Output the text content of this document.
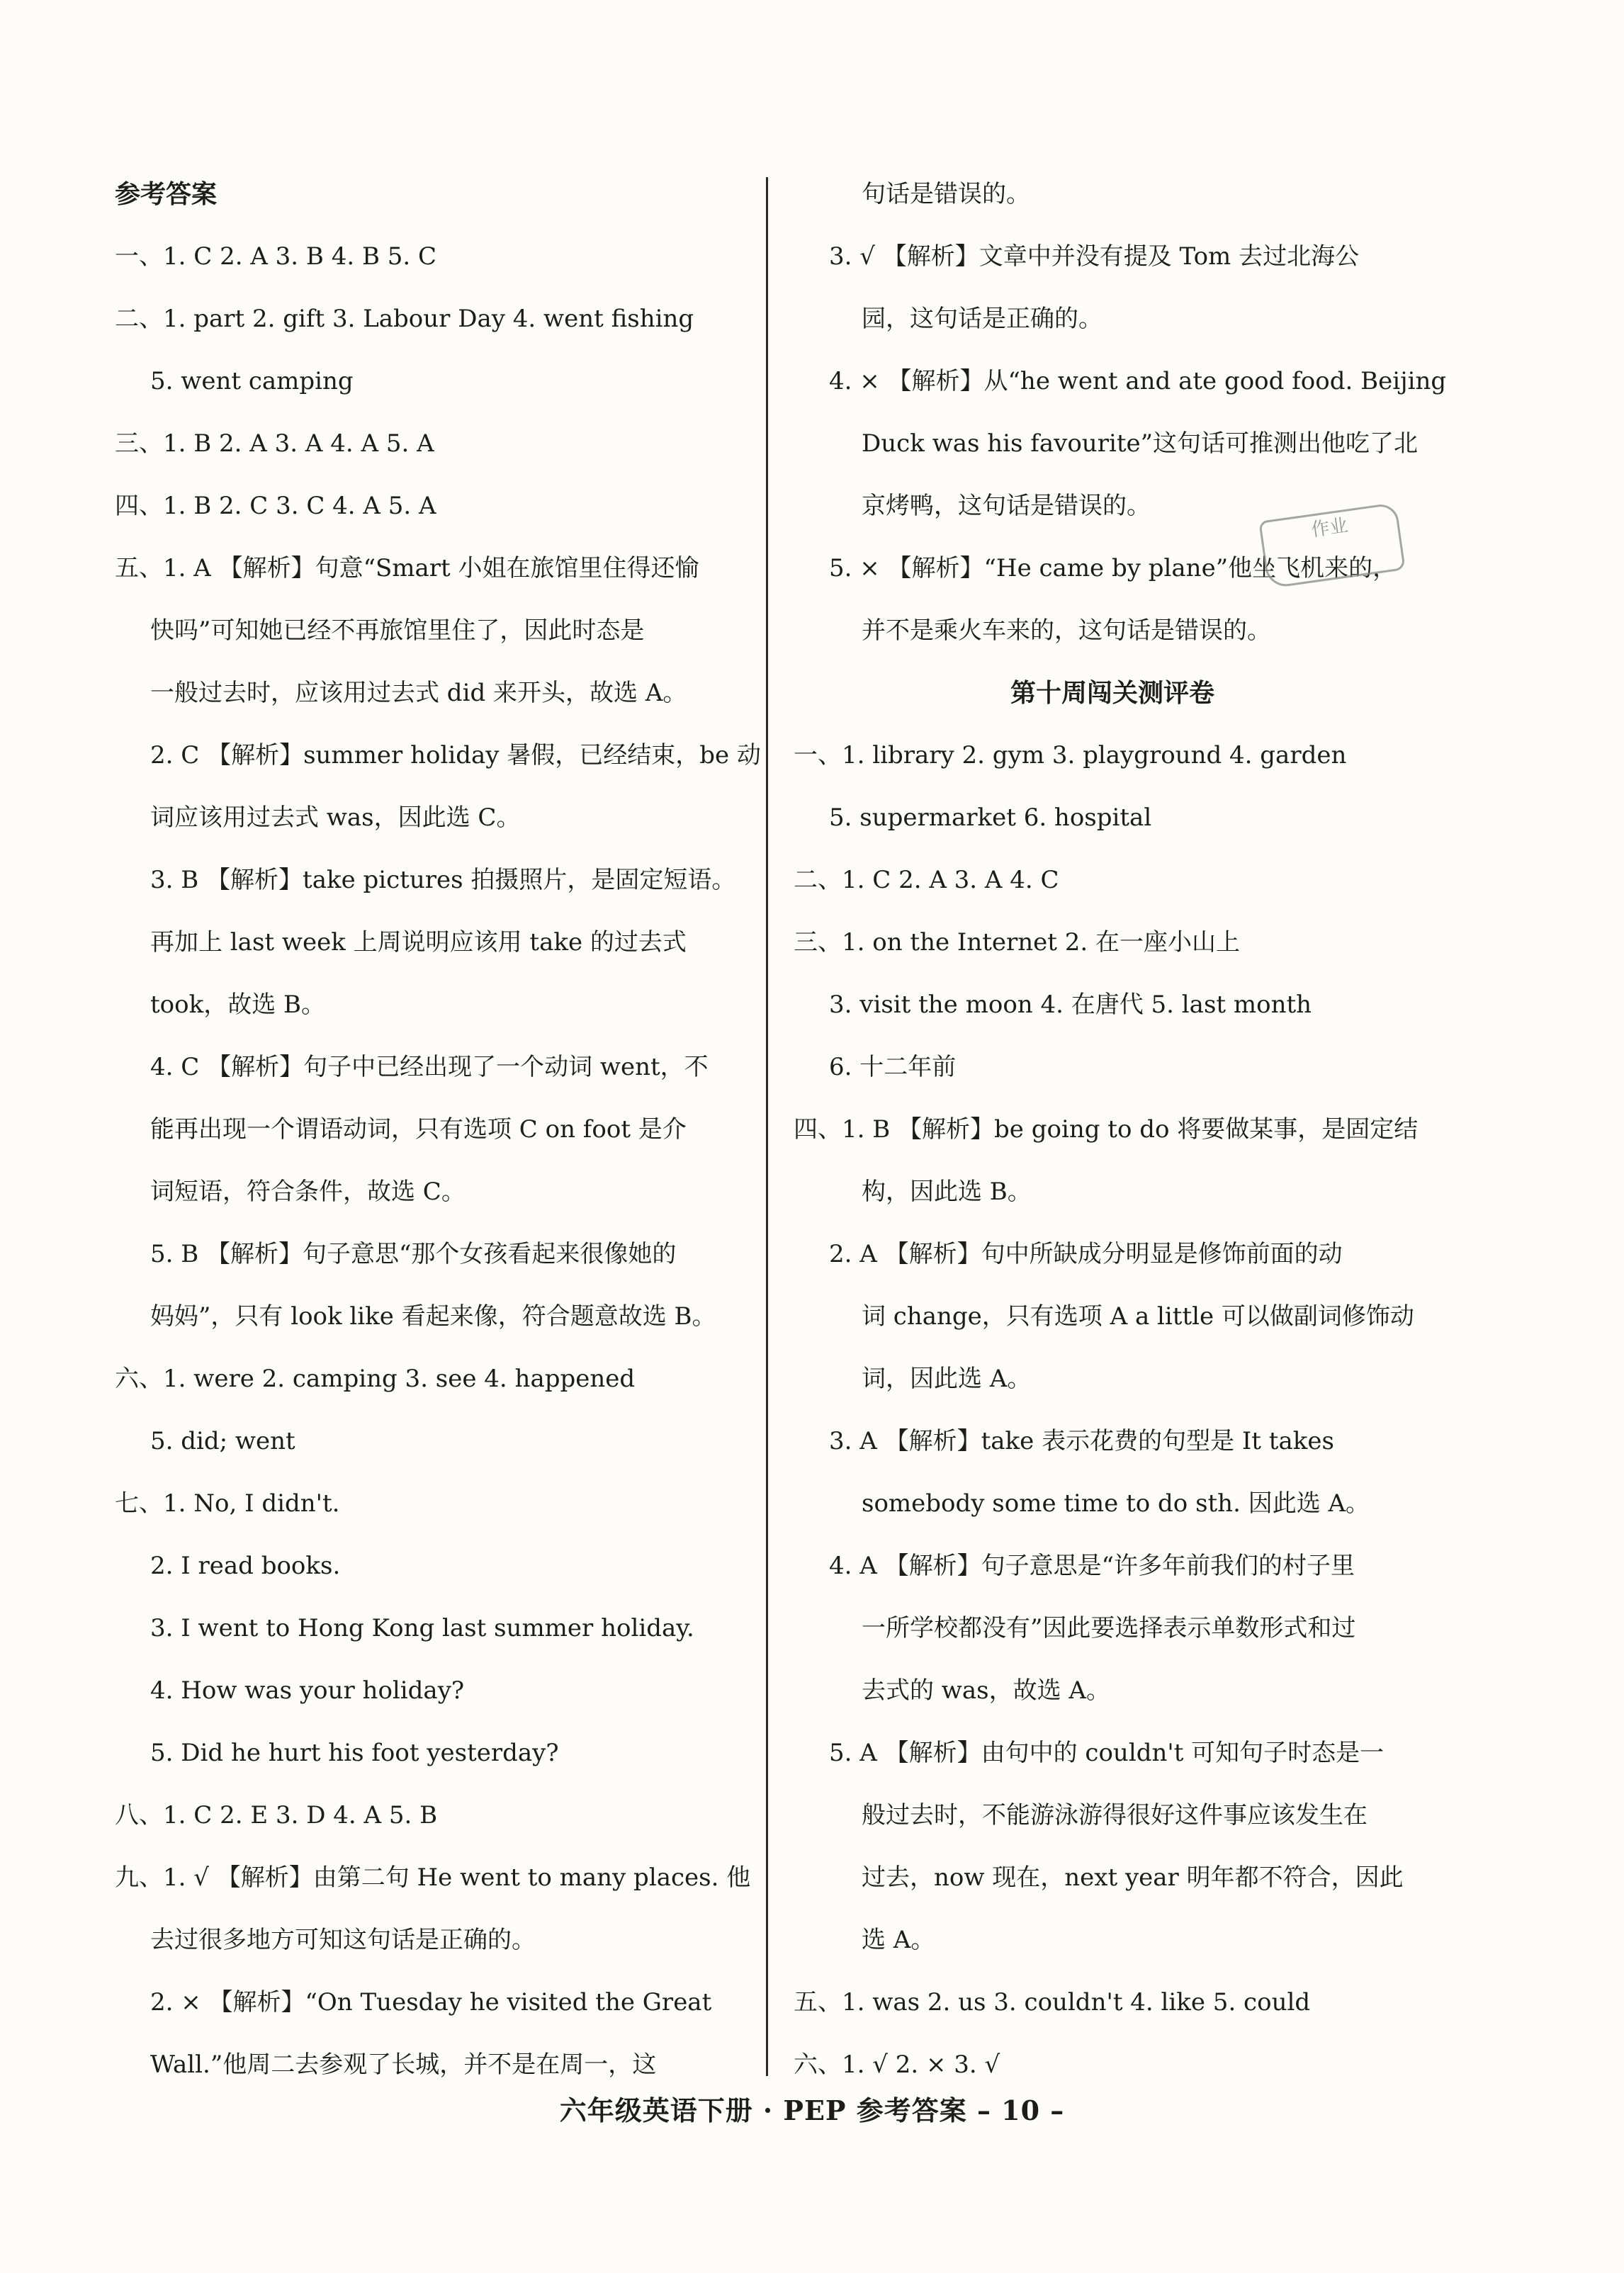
参考答案
一、1. C 2. A 3. B 4. B 5. C
二、1. part 2. gift 3. Labour Day 4. went fishing
5. went camping
三、1. B 2. A 3. A 4. A 5. A
四、1. B 2. C 3. C 4. A 5. A
五、1. A 【解析】句意“Smart 小姐在旅馆里住得还愉
快吗”可知她已经不再旅馆里住了，因此时态是
一般过去时，应该用过去式 did 来开头，故选 A。
2. C 【解析】summer holiday 暑假，已经结束，be 动
词应该用过去式 was，因此选 C。
3. B 【解析】take pictures 拍摄照片，是固定短语。
再加上 last week 上周说明应该用 take 的过去式
took，故选 B。
4. C 【解析】句子中已经出现了一个动词 went，不
能再出现一个谓语动词，只有选项 C on foot 是介
词短语，符合条件，故选 C。
5. B 【解析】句子意思“那个女孩看起来很像她的
妈妈”，只有 look like 看起来像，符合题意故选 B。
六、1. were 2. camping 3. see 4. happened
5. did; went
七、1. No, I didn't.
2. I read books.
3. I went to Hong Kong last summer holiday.
4. How was your holiday?
5. Did he hurt his foot yesterday?
八、1. C 2. E 3. D 4. A 5. B
九、1. √ 【解析】由第二句 He went to many places. 他
去过很多地方可知这句话是正确的。
2. × 【解析】“On Tuesday he visited the Great
Wall.”他周二去参观了长城，并不是在周一，这
句话是错误的。
3. √ 【解析】文章中并没有提及 Tom 去过北海公
园，这句话是正确的。
4. × 【解析】从“he went and ate good food. Beijing
Duck was his favourite”这句话可推测出他吃了北
京烤鸭，这句话是错误的。
5. × 【解析】“He came by plane”他坐飞机来的，
并不是乘火车来的，这句话是错误的。
第十周闯关测评卷
一、1. library 2. gym 3. playground 4. garden
5. supermarket 6. hospital
二、1. C 2. A 3. A 4. C
三、1. on the Internet 2. 在一座小山上
3. visit the moon 4. 在唐代 5. last month
6. 十二年前
四、1. B 【解析】be going to do 将要做某事，是固定结
构，因此选 B。
2. A 【解析】句中所缺成分明显是修饰前面的动
词 change，只有选项 A a little 可以做副词修饰动
词，因此选 A。
3. A 【解析】take 表示花费的句型是 It takes
somebody some time to do sth. 因此选 A。
4. A 【解析】句子意思是“许多年前我们的村子里
一所学校都没有”因此要选择表示单数形式和过
去式的 was，故选 A。
5. A 【解析】由句中的 couldn't 可知句子时态是一
般过去时，不能游泳游得很好这件事应该发生在
过去，now 现在，next year 明年都不符合，因此
选 A。
五、1. was 2. us 3. couldn't 4. like 5. could
六、1. √ 2. × 3. √
作业
六年级英语下册 · PEP 参考答案 – 10 –
